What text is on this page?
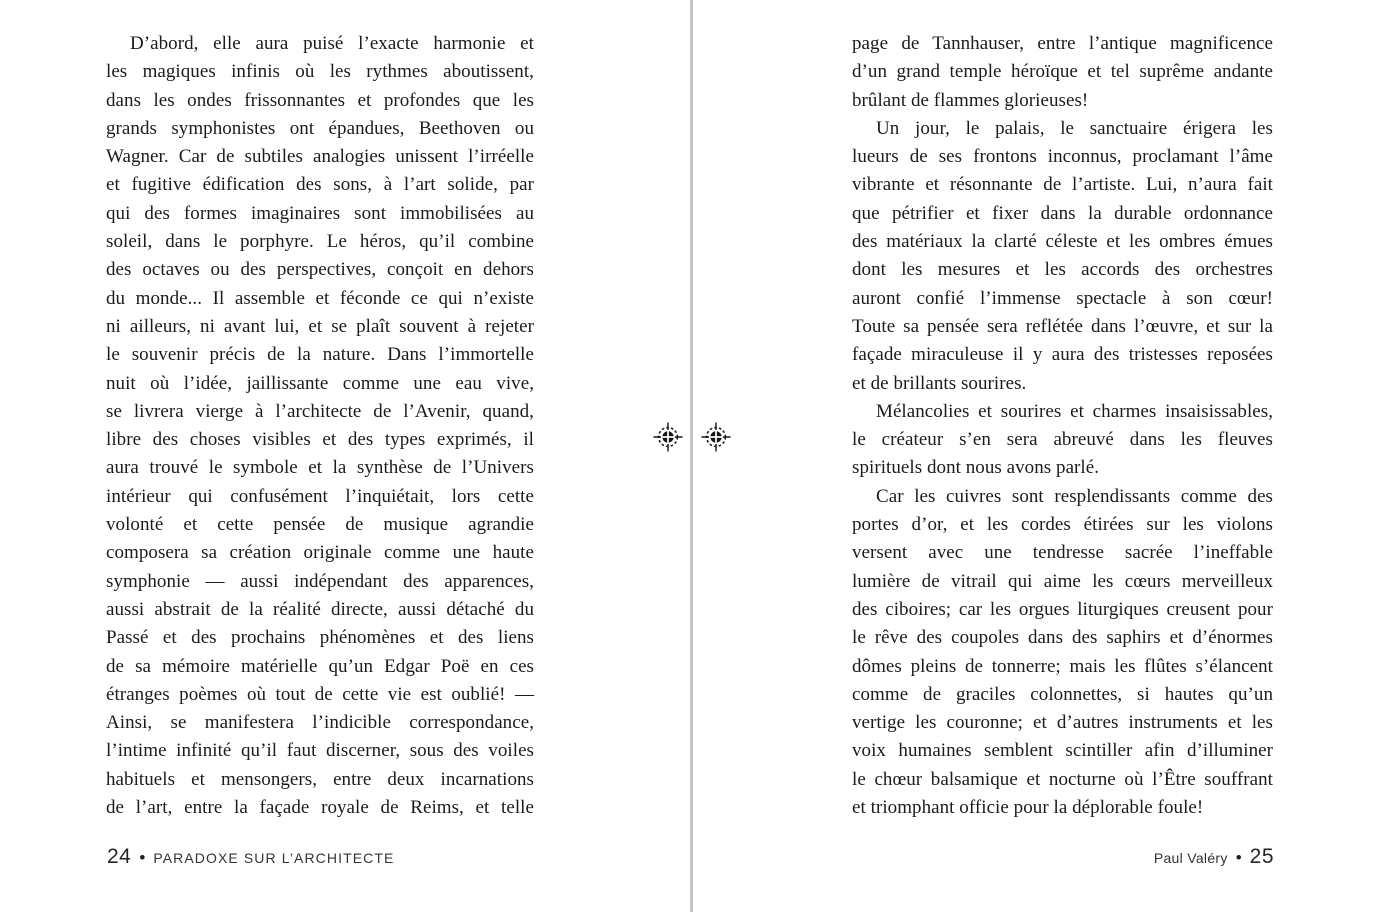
D’abord, elle aura puisé l’exacte harmonie et
les magiques infinis où les rythmes aboutissent,
dans les ondes frissonnantes et profondes que les
grands symphonistes ont épandues, Beethoven ou
Wagner. Car de subtiles analogies unissent l’irréelle
et fugitive édification des sons, à l’art solide, par
qui des formes imaginaires sont immobilisées au
soleil, dans le porphyre. Le héros, qu’il combine
des octaves ou des perspectives, conçoit en dehors
du monde... Il assemble et féconde ce qui n’existe
ni ailleurs, ni avant lui, et se plaît souvent à rejeter
le souvenir précis de la nature. Dans l’immortelle
nuit où l’idée, jaillissante comme une eau vive,
se livrera vierge à l’architecte de l’Avenir, quand,
libre des choses visibles et des types exprimés, il
aura trouvé le symbole et la synthèse de l’Univers
intérieur qui confusément l’inquiétait, lors cette
volonté et cette pensée de musique agrandie
composera sa création originale comme une haute
symphonie — aussi indépendant des apparences,
aussi abstrait de la réalité directe, aussi détaché du
Passé et des prochains phénomènes et des liens
de sa mémoire matérielle qu’un Edgar Poë en ces
étranges poèmes où tout de cette vie est oublié! —
Ainsi, se manifestera l’indicible correspondance,
l’intime infinité qu’il faut discerner, sous des voiles
habituels et mensongers, entre deux incarnations
de l’art, entre la façade royale de Reims, et telle
page de Tannhauser, entre l’antique magnificence
d’un grand temple héroïque et tel suprême andante
brûlant de flammes glorieuses!
Un jour, le palais, le sanctuaire érigera les
lueurs de ses frontons inconnus, proclamant l’âme
vibrante et résonnante de l’artiste. Lui, n’aura fait
que pétrifier et fixer dans la durable ordonnance
des matériaux la clarté céleste et les ombres émues
dont les mesures et les accords des orchestres
auront confié l’immense spectacle à son cœur!
Toute sa pensée sera reflétée dans l’œuvre, et sur la
façade miraculeuse il y aura des tristesses reposées
et de brillants sourires.
Mélancolies et sourires et charmes insaisissables,
le créateur s’en sera abreuvé dans les fleuves
spirituels dont nous avons parlé.
Car les cuivres sont resplendissants comme des
portes d’or, et les cordes étirées sur les violons
versent avec une tendresse sacrée l’ineffable
lumière de vitrail qui aime les cœurs merveilleux
des ciboires; car les orgues liturgiques creusent pour
le rêve des coupoles dans des saphirs et d’énormes
dômes pleins de tonnerre; mais les flûtes s’élancent
comme de graciles colonnettes, si hautes qu’un
vertige les couronne; et d’autres instruments et les
voix humaines semblent scintiller afin d’illuminer
le chœur balsamique et nocturne où l’Être souffrant
et triomphant officie pour la déplorable foule!
24 • PARADOXE SUR L’ARCHITECTE	Paul Valéry • 25
